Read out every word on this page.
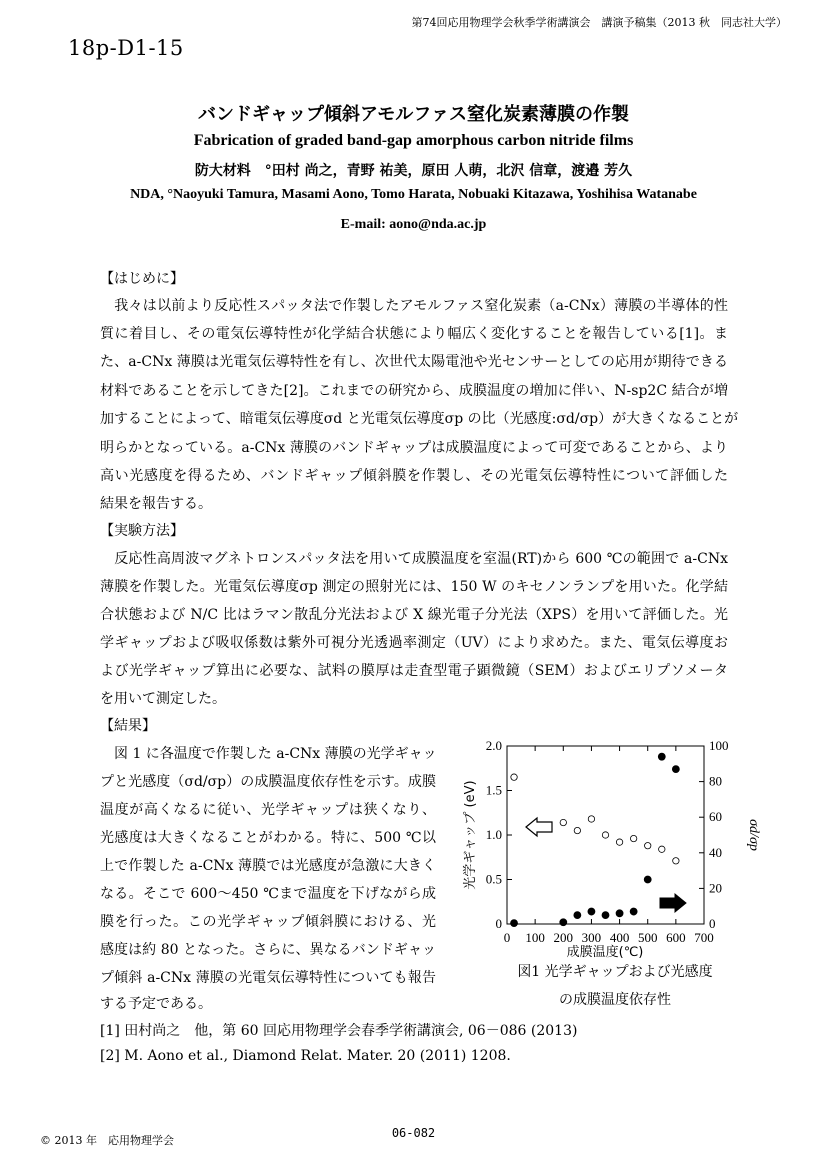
第74回応用物理学会秋季学術講演会　講演予稿集（2013 秋　同志社大学）
18p-D1-15
バンドギャップ傾斜アモルファス窒化炭素薄膜の作製
Fabrication of graded band-gap amorphous carbon nitride films
防大材料　°田村 尚之，青野 祐美，原田 人萌，北沢 信章，渡邉 芳久
NDA, °Naoyuki Tamura, Masami Aono, Tomo Harata, Nobuaki Kitazawa, Yoshihisa Watanabe
E-mail: aono@nda.ac.jp
【はじめに】
　我々は以前より反応性スパッタ法で作製したアモルファス窒化炭素（a-CNx）薄膜の半導体的性
質に着目し、その電気伝導特性が化学結合状態により幅広く変化することを報告している[1]。ま
た、a-CNx 薄膜は光電気伝導特性を有し、次世代太陽電池や光センサーとしての応用が期待できる
材料であることを示してきた[2]。これまでの研究から、成膜温度の増加に伴い、N-sp2C 結合が増
加することによって、暗電気伝導度σd と光電気伝導度σp の比（光感度:σd/σp）が大きくなることが
明らかとなっている。a-CNx 薄膜のバンドギャップは成膜温度によって可変であることから、より
高い光感度を得るため、バンドギャップ傾斜膜を作製し、その光電気伝導特性について評価した
結果を報告する。
【実験方法】
　反応性高周波マグネトロンスパッタ法を用いて成膜温度を室温(RT)から 600 ℃の範囲で a-CNx
薄膜を作製した。光電気伝導度σp 測定の照射光には、150 W のキセノンランプを用いた。化学結
合状態および N/C 比はラマン散乱分光法および X 線光電子分光法（XPS）を用いて評価した。光
学ギャップおよび吸収係数は紫外可視分光透過率測定（UV）により求めた。また、電気伝導度お
よび光学ギャップ算出に必要な、試料の膜厚は走査型電子顕微鏡（SEM）およびエリプソメータ
を用いて測定した。
【結果】
　図 1 に各温度で作製した a-CNx 薄膜の光学ギャッ
プと光感度（σd/σp）の成膜温度依存性を示す。成膜
温度が高くなるに従い、光学ギャップは狭くなり、
光感度は大きくなることがわかる。特に、500 ℃以
上で作製した a-CNx 薄膜では光感度が急激に大きく
なる。そこで 600～450 ℃まで温度を下げながら成
膜を行った。この光学ギャップ傾斜膜における、光
感度は約 80 となった。さらに、異なるバンドギャッ
プ傾斜 a-CNx 薄膜の光電気伝導特性についても報告
する予定である。
0 100 200 300 400 500 600 700
0
0.5
1.0
1.5
2.0
0
20
40
60
80
100
光学ギャップ (eV)	σd/σp
成膜温度(℃)
図1 光学ギャップおよび光感度
の成膜温度依存性
[1] 田村尚之　他，第 60 回応用物理学会春季学術講演会, 06－086 (2013)
[2] M. Aono et al., Diamond Relat. Mater. 20 (2011) 1208.
© 2013 年　応用物理学会
06-082
